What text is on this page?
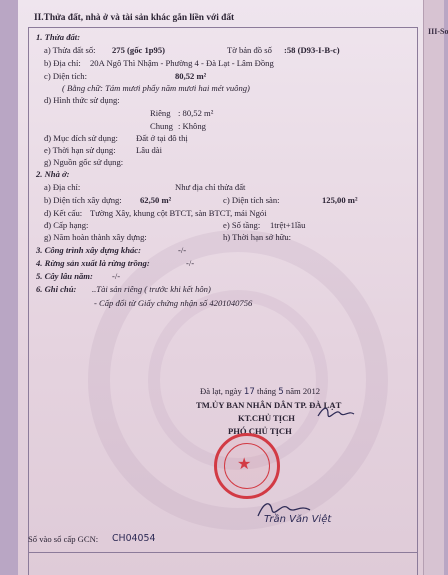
II.Thửa đất, nhà ở và tài sản khác gắn liền với đất
1. Thửa đất:
a) Thửa đất số: 275 (gốc 1p95)	Tờ bản đồ số :58 (D93-I-B-c)
b) Địa chỉ: 20A Ngô Thì Nhậm - Phường 4 - Đà Lạt - Lâm Đồng
c) Diện tích:	80,52 m²
( Bằng chữ: Tám mươi phẩy năm mươi hai mét vuông)
d) Hình thức sử dụng:
Riêng : 80,52 m²
Chung : Không
đ) Mục đích sử dụng: Đất ở tại đô thị
e) Thời hạn sử dụng: Lâu dài
g) Nguồn gốc sử dụng:
2. Nhà ở:
a) Địa chỉ:	Như địa chỉ thửa đất
b) Diện tích xây dựng: 62,50 m²	c) Diện tích sàn:	125,00 m²
d) Kết cấu: Tường Xây, khung cột BTCT, sàn BTCT, mái Ngói
đ) Cấp hạng:	e) Số tầng: 1trệt+1lầu
g) Năm hoàn thành xây dựng:	h) Thời hạn sở hữu:
3. Công trình xây dựng khác:	-/-
4. Rừng sản xuất là rừng trồng:	-/-
5. Cây lâu năm: -/-
6. Ghi chú: ..Tài sản riêng ( trước khi kết hôn)
- Cấp đổi từ Giấy chứng nhận số 4201040756
Đà lạt, ngày 17 tháng 5 năm 2012
TM.ỦY BAN NHÂN DÂN TP. ĐÀ LẠT
KT.CHỦ TỊCH
PHÓ CHỦ TỊCH
★
Trần Văn Việt
Số vào sổ cấp GCN: CH04054
III-So
